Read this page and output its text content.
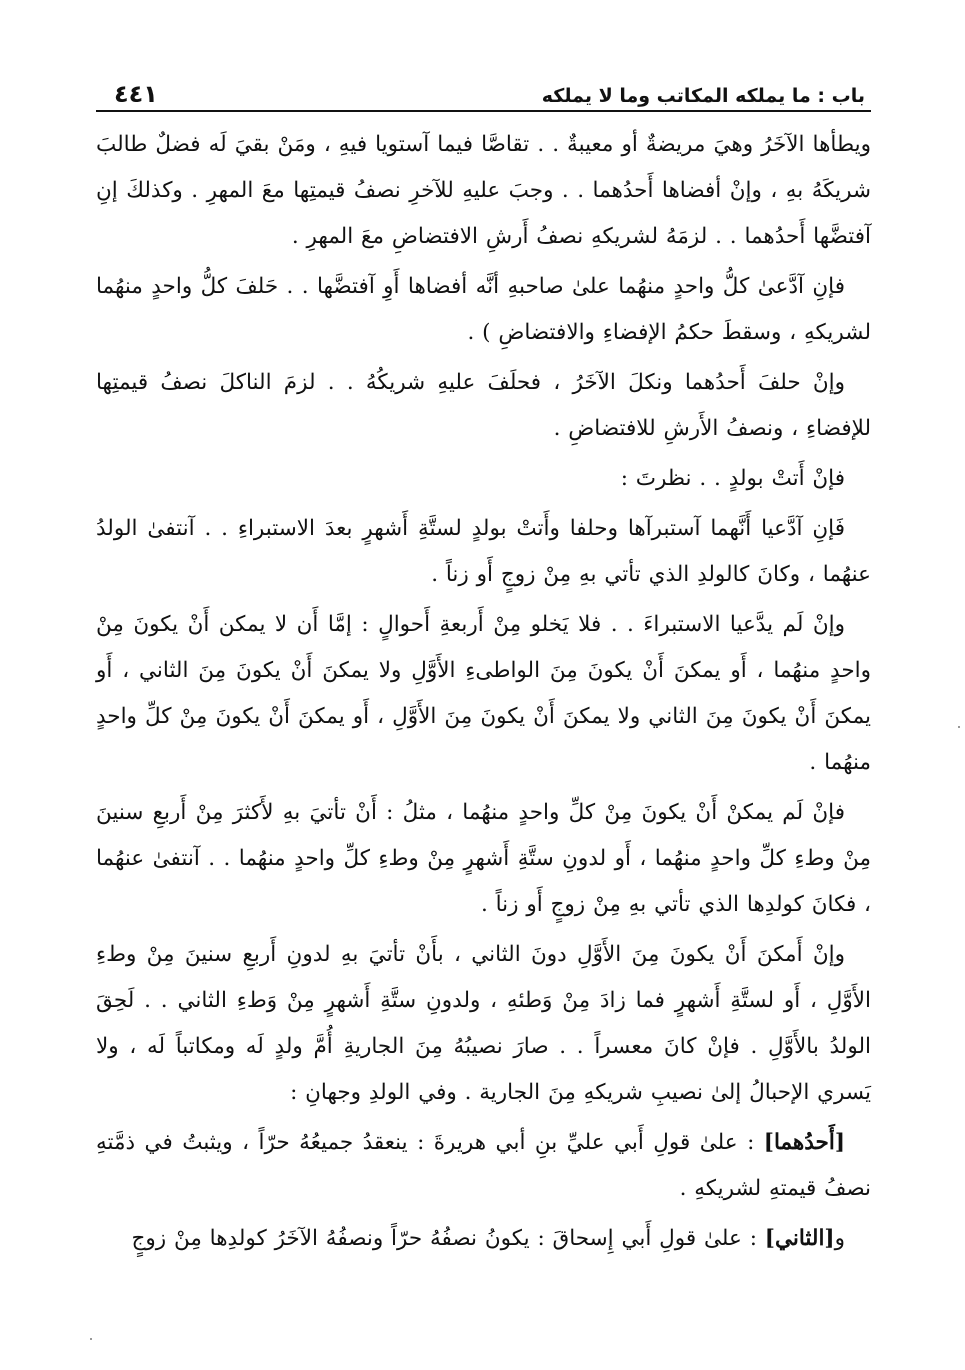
باب : ما يملكه المكاتب وما لا يملكه
٤٤١

ويطأها الآخَرُ وهيَ مريضةٌ أو معيبةٌ . . تقاصَّا فيما آستويا فيهِ ، ومَنْ بقيَ لَه فضلٌ طالبَ شريكَهُ بهِ ، وإنْ أفضاها أَحدُهما . . وجبَ عليهِ للآخرِ نصفُ قيمتِها معَ المهرِ . وكذلكَ إنِ آفتضَّها أَحدُهما . . لزمَهُ لشريكهِ نصفُ أَرشِ الافتضاضِ معَ المهرِ .

فإنِ آدَّعىٰ كلُّ واحدٍ منهُما علىٰ صاحبهِ أنَّه أفضاها أَوِ آفتضَّها . . حَلفَ كلُّ واحدٍ منهُما لشريكهِ ، وسقطَ حكمُ الإفضاءِ والافتضاضِ ) .

وإنْ حلفَ أَحدُهما ونكلَ الآخَرُ ، فحلَفَ عليهِ شريكُهُ . . لزمَ الناكلَ نصفُ قيمتِها للإفضاءِ ، ونصفُ الأَرشِ للافتضاضِ .

فإنْ أَتتْ بولدٍ . . نظرتَ :

فَإنِ آدَّعيا أَنَّهما آستبرآها وحلفا وأَتتْ بولدٍ لستَّةِ أَشهرٍ بعدَ الاستبراءِ . . آنتفىٰ الولدُ عنهُما ، وكانَ كالولدِ الذي تأتي بهِ مِنْ زوجٍ أَو زناً .

وإنْ لَم يدَّعيا الاستبراءَ . . فلا يَخلو مِنْ أَربعةِ أَحوالٍ : إمَّا أَن لا يمكن أَنْ يكونَ مِنْ واحدٍ منهُما ، أَو يمكنَ أَنْ يكونَ مِنَ الواطىءِ الأَوَّلِ ولا يمكنَ أَنْ يكونَ مِنَ الثاني ، أَو يمكنَ أَنْ يكونَ مِنَ الثاني ولا يمكنَ أَنْ يكونَ مِنَ الأَوَّلِ ، أَو يمكنَ أَنْ يكونَ مِنْ كلِّ واحدٍ منهُما .

فإنْ لَم يمكنْ أَنْ يكونَ مِنْ كلِّ واحدٍ منهُما ، مثلُ : أَنْ تأتيَ بهِ لأَكثرَ مِنْ أَربعِ سنينَ مِنْ وطءِ كلِّ واحدٍ منهُما ، أَو لدونِ ستَّةِ أَشهرٍ مِنْ وطءِ كلِّ واحدٍ منهُما . . آنتفىٰ عنهُما ، فكانَ كولدِها الذي تأتي بهِ مِنْ زوجٍ أَو زناً .

وإنْ أَمكنَ أَنْ يكونَ مِنَ الأَوَّلِ دونَ الثاني ، بأَنْ تأتيَ بهِ لدونِ أَربعِ سنينَ مِنْ وطءِ الأَوَّلِ ، أَو لستَّةِ أَشهرٍ فما زادَ مِنْ وَطئهِ ، ولدونِ ستَّةِ أَشهرٍ مِنْ وَطءِ الثاني . . لَحِقَ الولدُ بالأَوَّلِ . فإنْ كانَ معسراً . . صارَ نصيبُهُ مِنَ الجاريةِ أُمَّ ولدٍ لَه ومكاتباً لَه ، ولا يَسري الإحبالُ إلىٰ نصيبِ شريكهِ مِنَ الجارية . وفي الولدِ وجهانِ :

[أَحدُهما] : علىٰ قولِ أَبي عليِّ بنِ أبي هريرةَ : ينعقدُ جميعُهُ حرّاً ، ويثبتُ في ذمَّتهِ نصفُ قيمتهِ لشريكهِ .

و[الثاني] : علىٰ قولِ أَبي إِسحاقَ : يكونُ نصفُهُ حرّاً ونصفُهُ الآخَرُ كولدِها مِنْ زوجٍ
